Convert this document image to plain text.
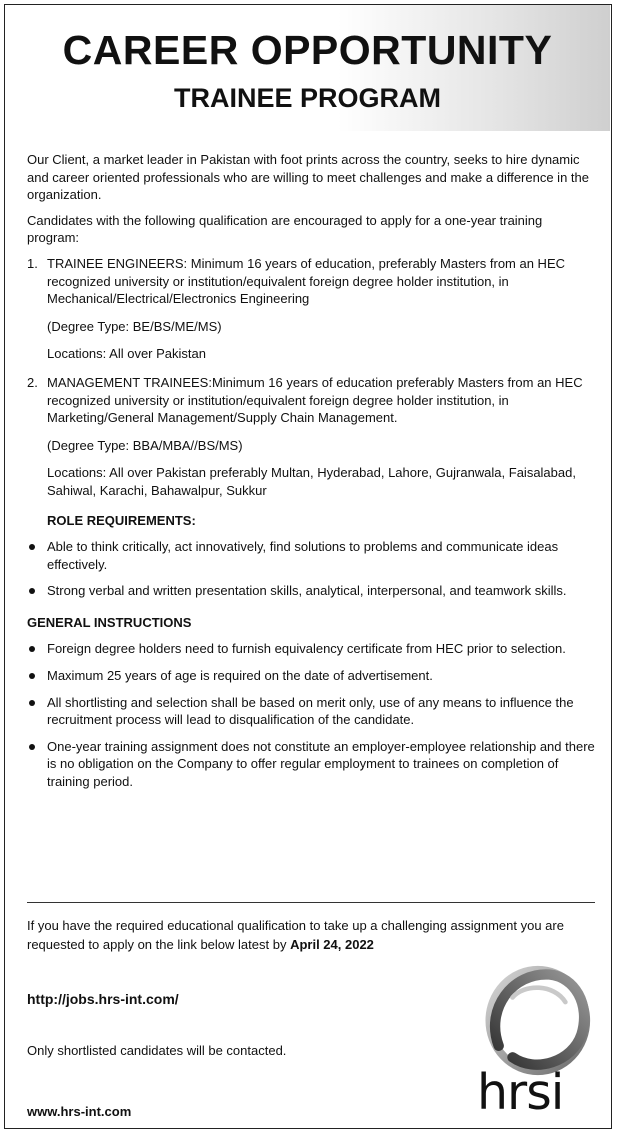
CAREER OPPORTUNITY
TRAINEE PROGRAM

Our Client, a market leader in Pakistan with foot prints across the country, seeks to hire dynamic and career oriented professionals who are willing to meet challenges and make a difference in the organization.

Candidates with the following qualification are encouraged to apply for a one-year training program:

1. TRAINEE ENGINEERS: Minimum 16 years of education, preferably Masters from an HEC recognized university or institution/equivalent foreign degree holder institution, in Mechanical/Electrical/Electronics Engineering

(Degree Type: BE/BS/ME/MS)

Locations: All over Pakistan

2. MANAGEMENT TRAINEES:Minimum 16 years of education preferably Masters from an HEC recognized university or institution/equivalent foreign degree holder institution, in Marketing/General Management/Supply Chain Management.

(Degree Type: BBA/MBA//BS/MS)

Locations: All over Pakistan preferably Multan, Hyderabad, Lahore, Gujranwala, Faisalabad, Sahiwal, Karachi, Bahawalpur, Sukkur

ROLE REQUIREMENTS:

Able to think critically, act innovatively, find solutions to problems and communicate ideas effectively.

Strong verbal and written presentation skills, analytical, interpersonal, and teamwork skills.

GENERAL INSTRUCTIONS

Foreign degree holders need to furnish equivalency certificate from HEC prior to selection.

Maximum 25 years of age is required on the date of advertisement.

All shortlisting and selection shall be based on merit only, use of any means to influence the recruitment process will lead to disqualification of the candidate.

One-year training assignment does not constitute an employer-employee relationship and there is no obligation on the Company to offer regular employment to trainees on completion of training period.

If you have the required educational qualification to take up a challenging assignment you are requested to apply on the link below latest by April 24, 2022
http://jobs.hrs-int.com/
Only shortlisted candidates will be contacted.
www.hrs-int.com	hrsi
